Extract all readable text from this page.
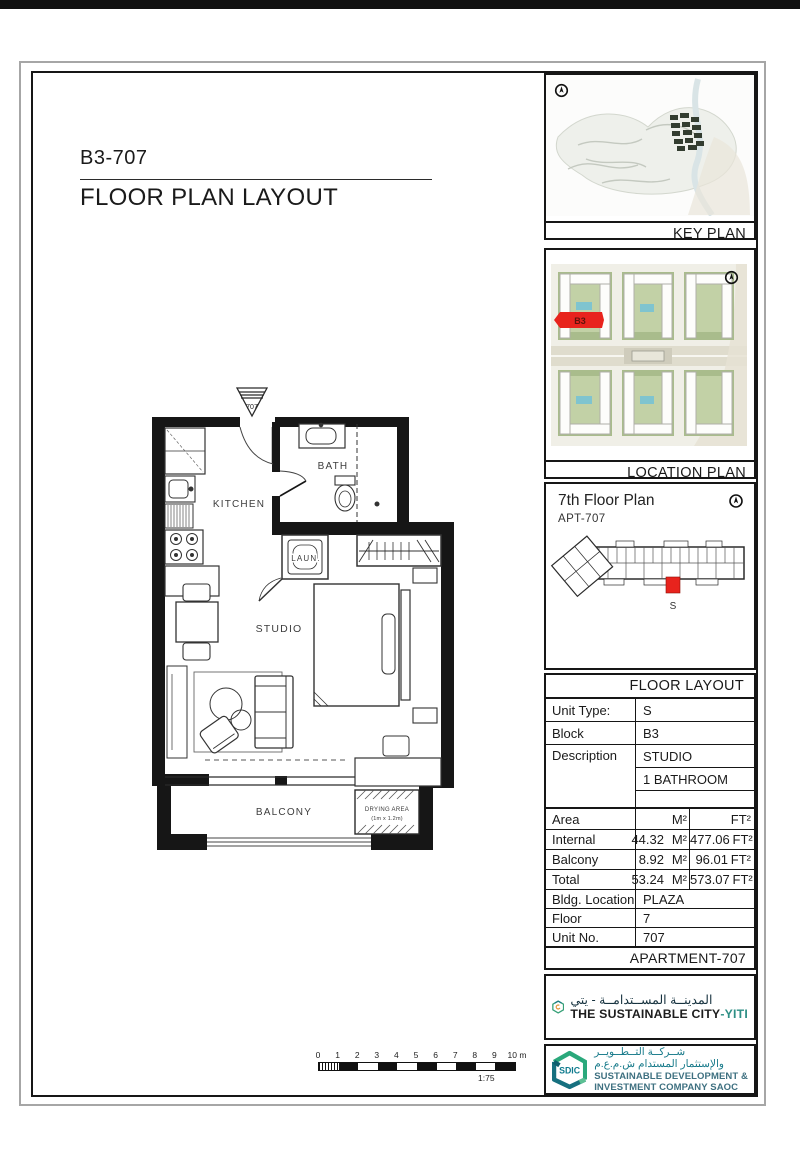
B3-707
FLOOR PLAN LAYOUT
707
BATH
LAUN.
KITCHEN
STUDIO
DRYING AREA
(1m x 1.2m)
BALCONY
0	1	2	3	4	5	6	7	8	9	10 m
1:75
KEY PLAN
B3
LOCATION PLAN
7th Floor Plan
APT-707
S
FLOOR LAYOUT
Unit Type:	S
Block	B3
Description	STUDIO
1 BATHROOM
Area	M²	FT²
Internal	44.32 M² 477.06 FT²
Balcony	8.92 M² 96.01 FT²
Total	53.24 M² 573.07 FT²
Bldg. Location PLAZA
Floor	7
Unit No.	707
APARTMENT-707
المدينــة المســتدامــة - يتي
THE SUSTAINABLE CITY-YITI
SDIC
شــركــة التــطــويــر
والإستثمار المستدام ش.م.ع.م
SUSTAINABLE DEVELOPMENT &
INVESTMENT COMPANY SAOC
